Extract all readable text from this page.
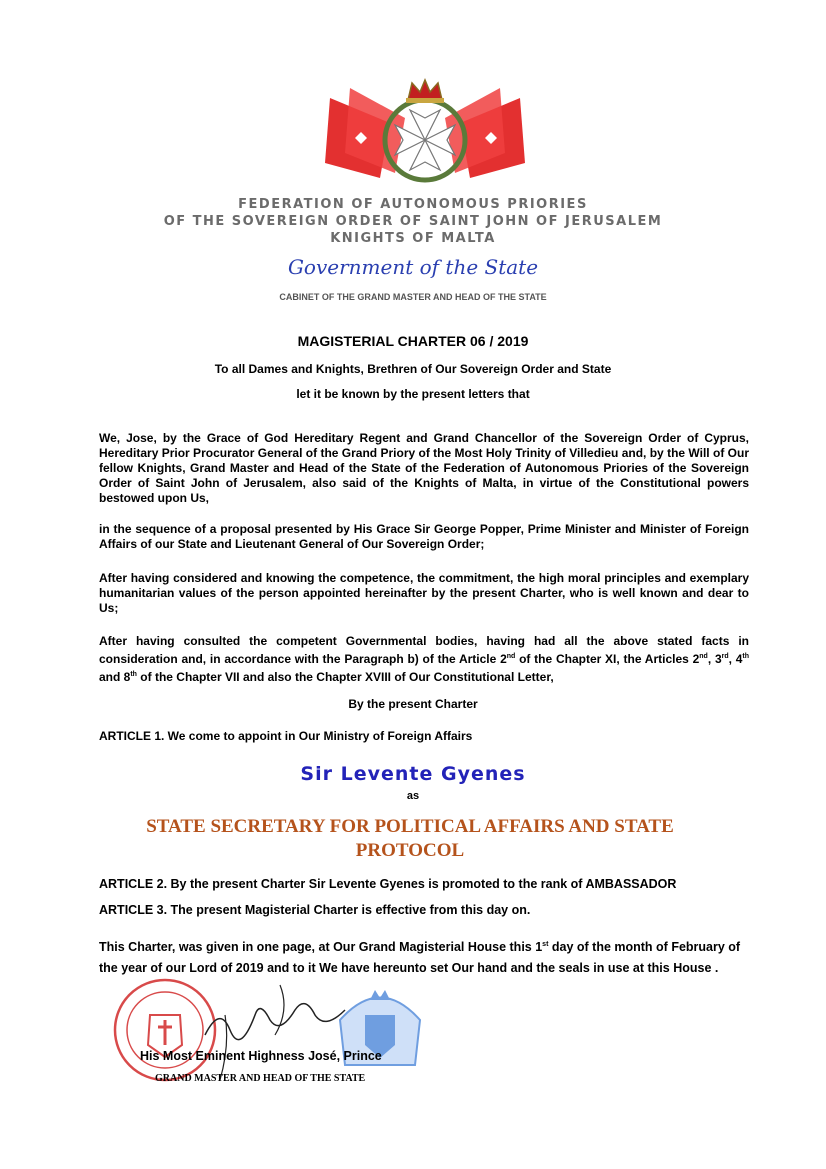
FEDERATION OF AUTONOMOUS PRIORIES
OF THE SOVEREIGN ORDER OF SAINT JOHN OF JERUSALEM
KNIGHTS OF MALTA
Government of the State
CABINET OF THE GRAND MASTER AND HEAD OF THE STATE
MAGISTERIAL CHARTER 06 / 2019
To all Dames and Knights, Brethren of Our Sovereign Order and State
let it be known by the present letters that
We, Jose, by the Grace of God Hereditary Regent and Grand Chancellor of the Sovereign Order of Cyprus, Hereditary Prior Procurator General of the Grand Priory of the Most Holy Trinity of Villedieu and, by the Will of Our fellow Knights, Grand Master and Head of the State of the Federation of Autonomous Priories of the Sovereign Order of Saint John of Jerusalem, also said of the Knights of Malta, in virtue of the Constitutional powers bestowed upon Us,
in the sequence of a proposal presented by His Grace Sir George Popper, Prime Minister and Minister of Foreign Affairs of our State and Lieutenant General of Our Sovereign Order;
After having considered and knowing the competence, the commitment, the high moral principles and exemplary humanitarian values of the person appointed hereinafter by the present Charter, who is well known and dear to Us;
After having consulted the competent Governmental bodies, having had all the above stated facts in consideration and, in accordance with the Paragraph b) of the Article 2nd of the Chapter XI, the Articles 2nd, 3rd, 4th and 8th of the Chapter VII and also the Chapter XVIII of Our Constitutional Letter,
By the present Charter
ARTICLE 1. We come to appoint in Our Ministry of Foreign Affairs
Sir Levente Gyenes
as
STATE SECRETARY FOR POLITICAL AFFAIRS AND STATE PROTOCOL
ARTICLE 2. By the present Charter Sir Levente Gyenes is promoted to the rank of AMBASSADOR
ARTICLE 3. The present Magisterial Charter is effective from this day on.
This Charter, was given in one page, at Our Grand Magisterial House this 1st day of the month of February of the year of our Lord of 2019 and to it We have hereunto set Our hand and the seals in use at this House .
His Most Eminent Highness José, Prince
GRAND MASTER AND HEAD OF THE STATE
